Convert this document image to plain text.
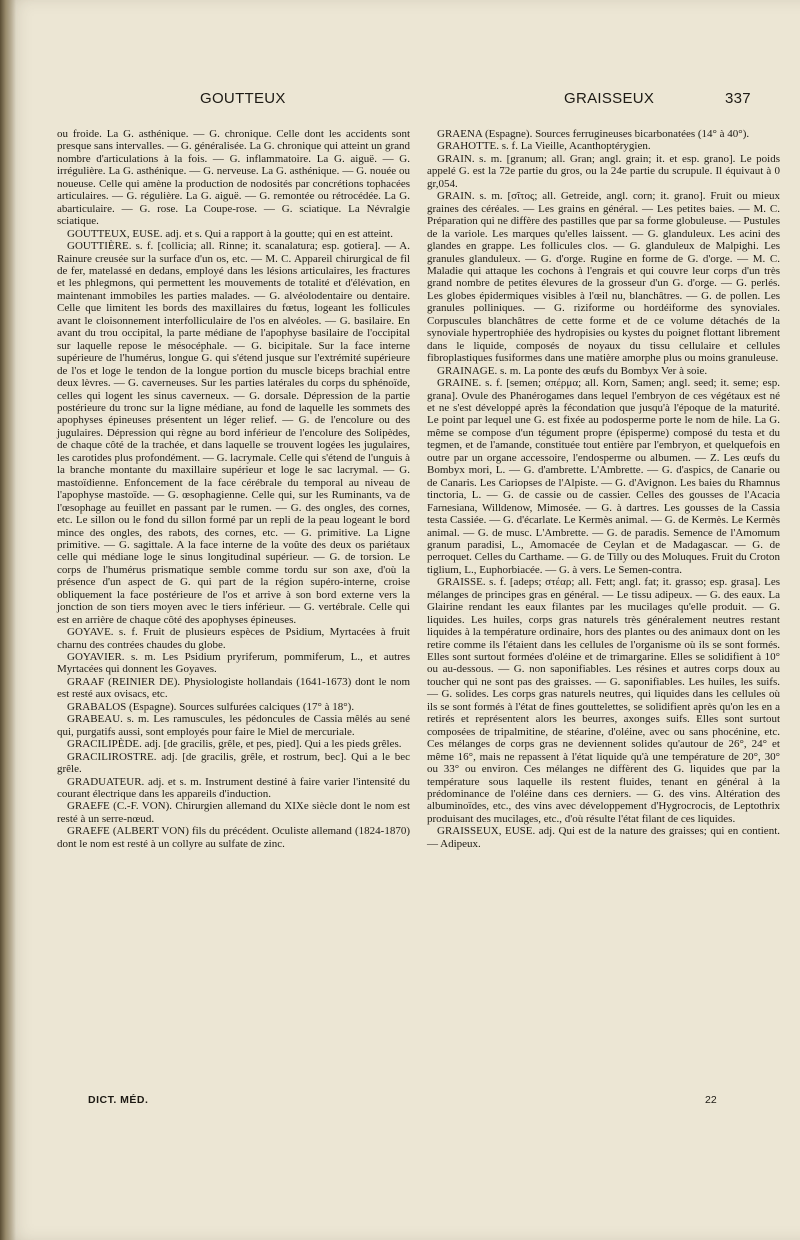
GOUTTEUX	GRAISSEUX	337

ou froide. La G. asthénique. — G. chronique. Celle dont les accidents sont presque sans intervalles. — G. généralisée. La G. chronique qui atteint un grand nombre d'articulations à la fois. — G. inflammatoire. La G. aiguë. — G. irrégulière. La G. asthénique. — G. nerveuse. La G. asthénique. — G. nouée ou noueuse. Celle qui amène la production de nodosités par concrétions tophacées articulaires. — G. régulière. La G. aiguë. — G. remontée ou rétrocédée. La G. abarticulaire. — G. rose. La Coupe-rose. — G. sciatique. La Névralgie sciatique.

GOUTTEUX, EUSE. adj. et s. Qui a rapport à la goutte; qui en est atteint.

GOUTTIÈRE. s. f. [collicia; all. Rinne; it. scanalatura; esp. gotiera]. — A. Rainure creusée sur la surface d'un os, etc. — M. C. Appareil chirurgical de fil de fer, matelassé en dedans, employé dans les lésions articulaires, les fractures et les phlegmons, qui permettent les mouvements de totalité et d'élévation, en maintenant immobiles les parties malades. — G. alvéolodentaire ou dentaire. Celle que limitent les bords des maxillaires du fœtus, logeant les follicules avant le cloisonnement interfolliculaire de l'os en alvéoles. — G. basilaire. En avant du trou occipital, la parte médiane de l'apophyse basilaire de l'occipital sur laquelle repose le mésocéphale. — G. bicipitale. Sur la face interne supérieure de l'humérus, longue G. qui s'étend jusque sur l'extrémité supérieure de l'os et loge le tendon de la longue portion du muscle biceps brachial entre deux lèvres. — G. caverneuses. Sur les parties latérales du corps du sphénoïde, celles qui logent les sinus caverneux. — G. dorsale. Dépression de la partie postérieure du tronc sur la ligne médiane, au fond de laquelle les sommets des apophyses épineuses présentent un léger relief. — G. de l'encolure ou des jugulaires. Dépression qui règne au bord inférieur de l'encolure des Solipèdes, de chaque côté de la trachée, et dans laquelle se trouvent logées les jugulaires, les carotides plus profondément. — G. lacrymale. Celle qui s'étend de l'unguis à la branche montante du maxillaire supérieur et loge le sac lacrymal. — G. mastoïdienne. Enfoncement de la face cérébrale du temporal au niveau de l'apophyse mastoïde. — G. œsophagienne. Celle qui, sur les Ruminants, va de l'œsophage au feuillet en passant par le rumen. — G. des ongles, des cornes, etc. Le sillon ou le fond du sillon formé par un repli de la peau logeant le bord mince des ongles, des rabots, des cornes, etc. — G. primitive. La Ligne primitive. — G. sagittale. A la face interne de la voûte des deux os pariétaux celle qui médiane loge le sinus longitudinal supérieur. — G. de torsion. Le corps de l'humérus prismatique semble comme tordu sur son axe, d'où la présence d'un aspect de G. qui part de la région supéro-interne, croise obliquement la face postérieure de l'os et arrive à son bord externe vers la jonction de son tiers moyen avec le tiers inférieur. — G. vertébrale. Celle qui est en arrière de chaque côté des apophyses épineuses.

GOYAVE. s. f. Fruit de plusieurs espèces de Psidium, Myrtacées à fruit charnu des contrées chaudes du globe.

GOYAVIER. s. m. Les Psidium pryriferum, pommiferum, L., et autres Myrtacées qui donnent les Goyaves.

GRAAF (REINIER DE). Physiologiste hollandais (1641-1673) dont le nom est resté aux ovisacs, etc.

GRABALOS (Espagne). Sources sulfurées calciques (17° à 18°).

GRABEAU. s. m. Les ramuscules, les pédoncules de Cassia mêlés au sené qui, purgatifs aussi, sont employés pour faire le Miel de mercuriale.

GRACILIPÈDE. adj. [de gracilis, grêle, et pes, pied]. Qui a les pieds grêles.

GRACILIROSTRE. adj. [de gracilis, grêle, et rostrum, bec]. Qui a le bec grêle.

GRADUATEUR. adj. et s. m. Instrument destiné à faire varier l'intensité du courant électrique dans les appareils d'induction.

GRAEFE (C.-F. VON). Chirurgien allemand du XIXe siècle dont le nom est resté à un serre-nœud.

GRAEFE (ALBERT VON) fils du précédent. Oculiste allemand (1824-1870) dont le nom est resté à un collyre au sulfate de zinc.

GRAENA (Espagne). Sources ferrugineuses bicarbonatées (14° à 40°).

GRAHOTTE. s. f. La Vieille, Acanthoptérygien.

GRAIN. s. m. [granum; all. Gran; angl. grain; it. et esp. grano]. Le poids appelé G. est la 72e partie du gros, ou la 24e partie du scrupule. Il équivaut à 0 gr,054.

GRAIN. s. m. [σῖτος; all. Getreide, angl. corn; it. grano]. Fruit ou mieux graines des céréales. — Les grains en général. — Les petites baies. — M. C. Préparation qui ne diffère des pastilles que par sa forme globuleuse. — Pustules de la variole. Les marques qu'elles laissent. — G. glanduleux. Les acini des glandes en grappe. Les follicules clos. — G. glanduleux de Malpighi. Les granules glanduleux. — G. d'orge. Rugine en forme de G. d'orge. — M. C. Maladie qui attaque les cochons à l'engrais et qui couvre leur corps d'un très grand nombre de petites élevures de la grosseur d'un G. d'orge. — G. perlés. Les globes épidermiques visibles à l'œil nu, blanchâtres. — G. de pollen. Les granules polliniques. — G. riziforme ou hordéiforme des synoviales. Corpuscules blanchâtres de cette forme et de ce volume détachés de la synoviale hypertrophiée des hydropisies ou kystes du poignet flottant librement dans le liquide, composés de noyaux du tissu cellulaire et cellules fibroplastiques fusiformes dans une matière amorphe plus ou moins granuleuse.

GRAINAGE. s. m. La ponte des œufs du Bombyx Ver à soie.

GRAINE. s. f. [semen; σπέρμα; all. Korn, Samen; angl. seed; it. seme; esp. grana]. Ovule des Phanérogames dans lequel l'embryon de ces végétaux est né et ne s'est développé après la fécondation que jusqu'à l'époque de la maturité. Le point par lequel une G. est fixée au podosperme porte le nom de hile. La G. même se compose d'un tégument propre (épisperme) composé du testa et du tegmen, et de l'amande, constituée tout entière par l'embryon, et quelquefois en outre par un organe accessoire, l'endosperme ou albumen. — Z. Les œufs du Bombyx mori, L. — G. d'ambrette. L'Ambrette. — G. d'aspics, de Canarie ou de Canaris. Les Cariopses de l'Alpiste. — G. d'Avignon. Les baies du Rhamnus tinctoria, L. — G. de cassie ou de cassier. Celles des gousses de l'Acacia Farnesiana, Willdenow, Mimosée. — G. à dartres. Les gousses de la Cassia testa Cassiée. — G. d'écarlate. Le Kermès animal. — G. de Kermès. Le Kermès animal. — G. de musc. L'Ambrette. — G. de paradis. Semence de l'Amomum granum paradisi, L., Amomacée de Ceylan et de Madagascar. — G. de perroquet. Celles du Carthame. — G. de Tilly ou des Moluques. Fruit du Croton tiglium, L., Euphorbiacée. — G. à vers. Le Semen-contra.

GRAISSE. s. f. [adeps; στέαρ; all. Fett; angl. fat; it. grasso; esp. grasa]. Les mélanges de principes gras en général. — Le tissu adipeux. — G. des eaux. La Glairine rendant les eaux filantes par les mucilages qu'elle produit. — G. liquides. Les huiles, corps gras naturels très généralement neutres restant liquides à la température ordinaire, hors des plantes ou des animaux dont on les retire comme ils l'étaient dans les cellules de l'organisme où ils se sont formés. Elles sont surtout formées d'oléine et de trimargarine. Elles se solidifient à 10° ou au-dessous. — G. non saponifiables. Les résines et autres corps doux au toucher qui ne sont pas des graisses. — G. saponifiables. Les huiles, les suifs. — G. solides. Les corps gras naturels neutres, qui liquides dans les cellules où ils se sont formés à l'état de fines gouttelettes, se solidifient après qu'on les en a retirés et représentent alors les beurres, axonges suifs. Elles sont surtout composées de tripalmitine, de stéarine, d'oléine, avec ou sans phocénine, etc. Ces mélanges de corps gras ne deviennent solides qu'autour de 26°, 24° et même 16°, mais ne repassent à l'état liquide qu'à une température de 20°, 30° ou 33° ou environ. Ces mélanges ne diffèrent des G. liquides que par la température sous laquelle ils restent fluides, tenant en général à la prédominance de l'oléine dans ces derniers. — G. des vins. Altération des albuminoïdes, etc., des vins avec développement d'Hygrocrocis, de Leptothrix produisant des mucilages, etc., d'où résulte l'état filant de ces liquides.

GRAISSEUX, EUSE. adj. Qui est de la nature des graisses; qui en contient. — Adipeux.

DICT. MÉD.	22
